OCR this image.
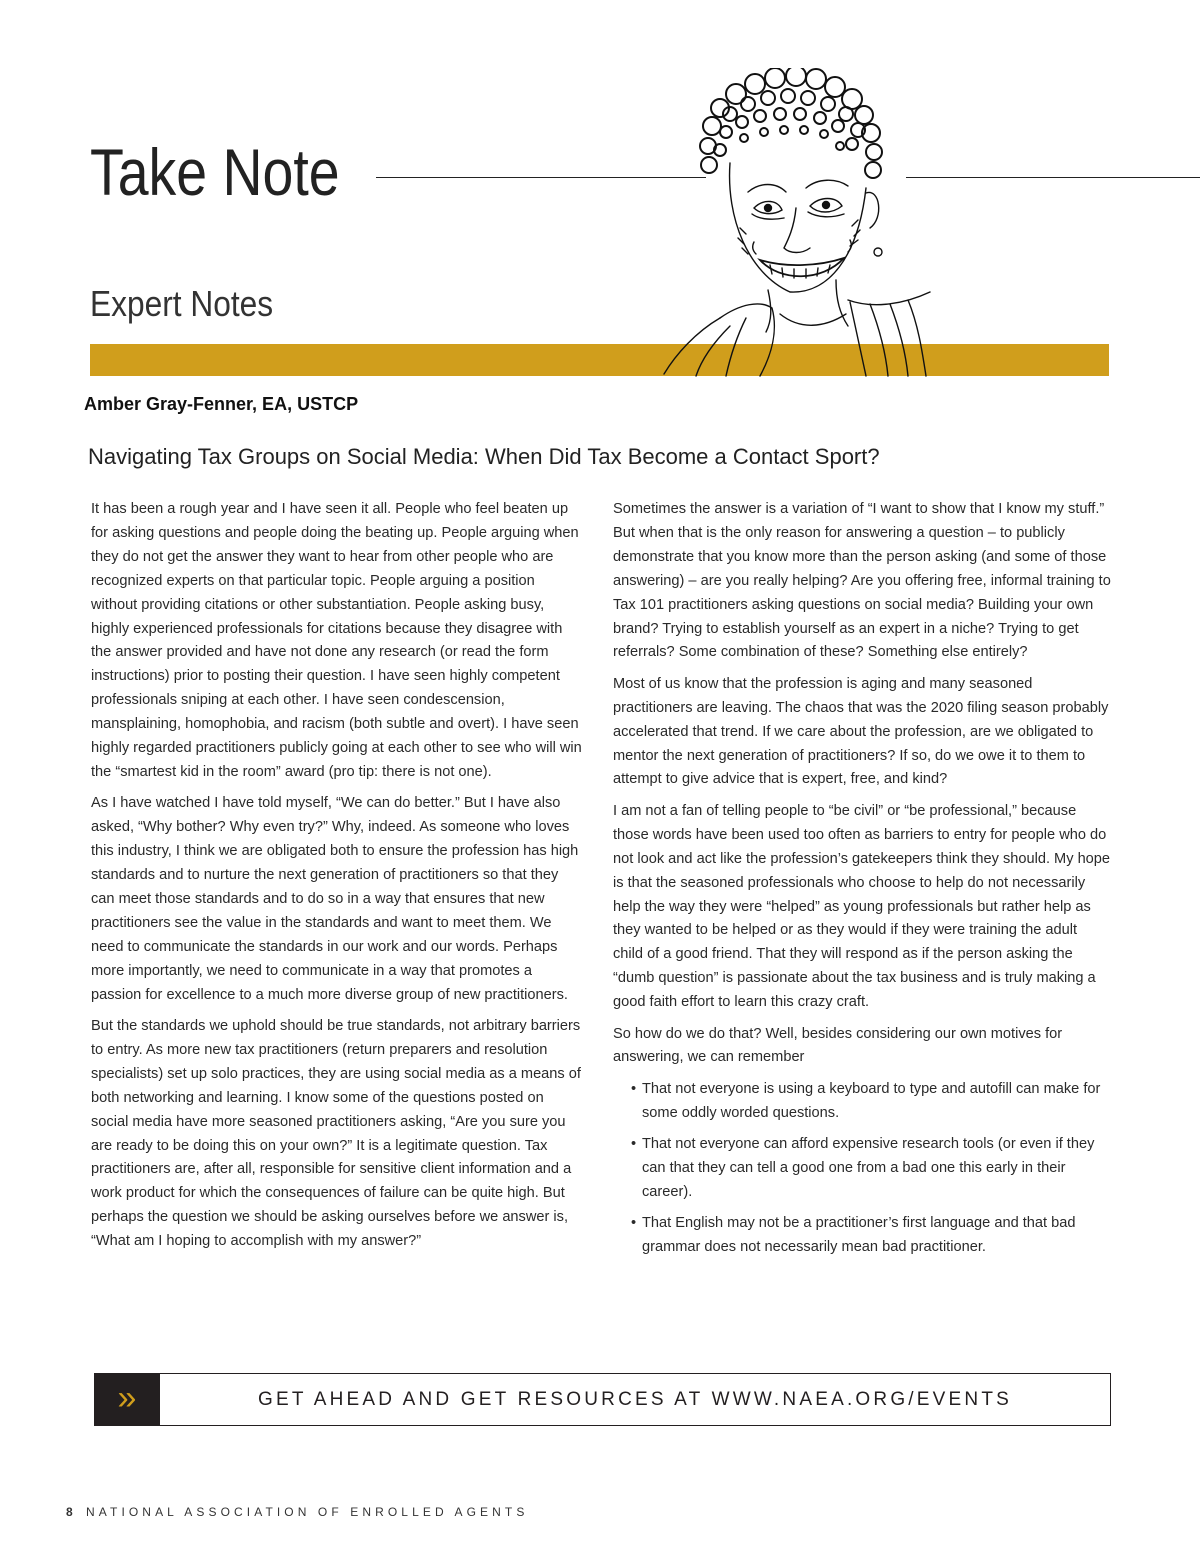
Take Note
Expert Notes
Amber Gray-Fenner, EA, USTCP
Navigating Tax Groups on Social Media: When Did Tax Become a Contact Sport?

It has been a rough year and I have seen it all. People who feel beaten up for asking questions and people doing the beating up. People arguing when they do not get the answer they want to hear from other people who are recognized experts on that particular topic. People arguing a position without providing citations or other substantiation. People asking busy, highly experienced professionals for citations because they disagree with the answer provided and have not done any research (or read the form instructions) prior to posting their question. I have seen highly competent professionals sniping at each other. I have seen condescension, mansplaining, homophobia, and racism (both subtle and overt). I have seen highly regarded practitioners publicly going at each other to see who will win the “smartest kid in the room” award (pro tip: there is not one).

As I have watched I have told myself, “We can do better.” But I have also asked, “Why bother? Why even try?” Why, indeed. As someone who loves this industry, I think we are obligated both to ensure the profession has high standards and to nurture the next generation of practitioners so that they can meet those standards and to do so in a way that ensures that new practitioners see the value in the standards and want to meet them. We need to communicate the standards in our work and our words. Perhaps more importantly, we need to communicate in a way that promotes a passion for excellence to a much more diverse group of new practitioners.

But the standards we uphold should be true standards, not arbitrary barriers to entry. As more new tax practitioners (return preparers and resolution specialists) set up solo practices, they are using social media as a means of both networking and learning. I know some of the questions posted on social media have more seasoned practitioners asking, “Are you sure you are ready to be doing this on your own?” It is a legitimate question. Tax practitioners are, after all, responsible for sensitive client information and a work product for which the consequences of failure can be quite high. But perhaps the question we should be asking ourselves before we answer is, “What am I hoping to accomplish with my answer?”

Sometimes the answer is a variation of “I want to show that I know my stuff.” But when that is the only reason for answering a question – to publicly demonstrate that you know more than the person asking (and some of those answering) – are you really helping? Are you offering free, informal training to Tax 101 practitioners asking questions on social media? Building your own brand? Trying to establish yourself as an expert in a niche? Trying to get referrals? Some combination of these? Something else entirely?

Most of us know that the profession is aging and many seasoned practitioners are leaving. The chaos that was the 2020 filing season probably accelerated that trend. If we care about the profession, are we obligated to mentor the next generation of practitioners? If so, do we owe it to them to attempt to give advice that is expert, free, and kind?

I am not a fan of telling people to “be civil” or “be professional,” because those words have been used too often as barriers to entry for people who do not look and act like the profession’s gatekeepers think they should. My hope is that the seasoned professionals who choose to help do not necessarily help the way they were “helped” as young professionals but rather help as they wanted to be helped or as they would if they were training the adult child of a good friend. That they will respond as if the person asking the “dumb question” is passionate about the tax business and is truly making a good faith effort to learn this crazy craft.

So how do we do that? Well, besides considering our own motives for answering, we can remember

• That not everyone is using a keyboard to type and autofill can make for some oddly worded questions.
• That not everyone can afford expensive research tools (or even if they can that they can tell a good one from a bad one this early in their career).
• That English may not be a practitioner’s first language and that bad grammar does not necessarily mean bad practitioner.
»	GET AHEAD AND GET RESOURCES AT WWW.NAEA.ORG/EVENTS
8 NATIONAL ASSOCIATION OF ENROLLED AGENTS
